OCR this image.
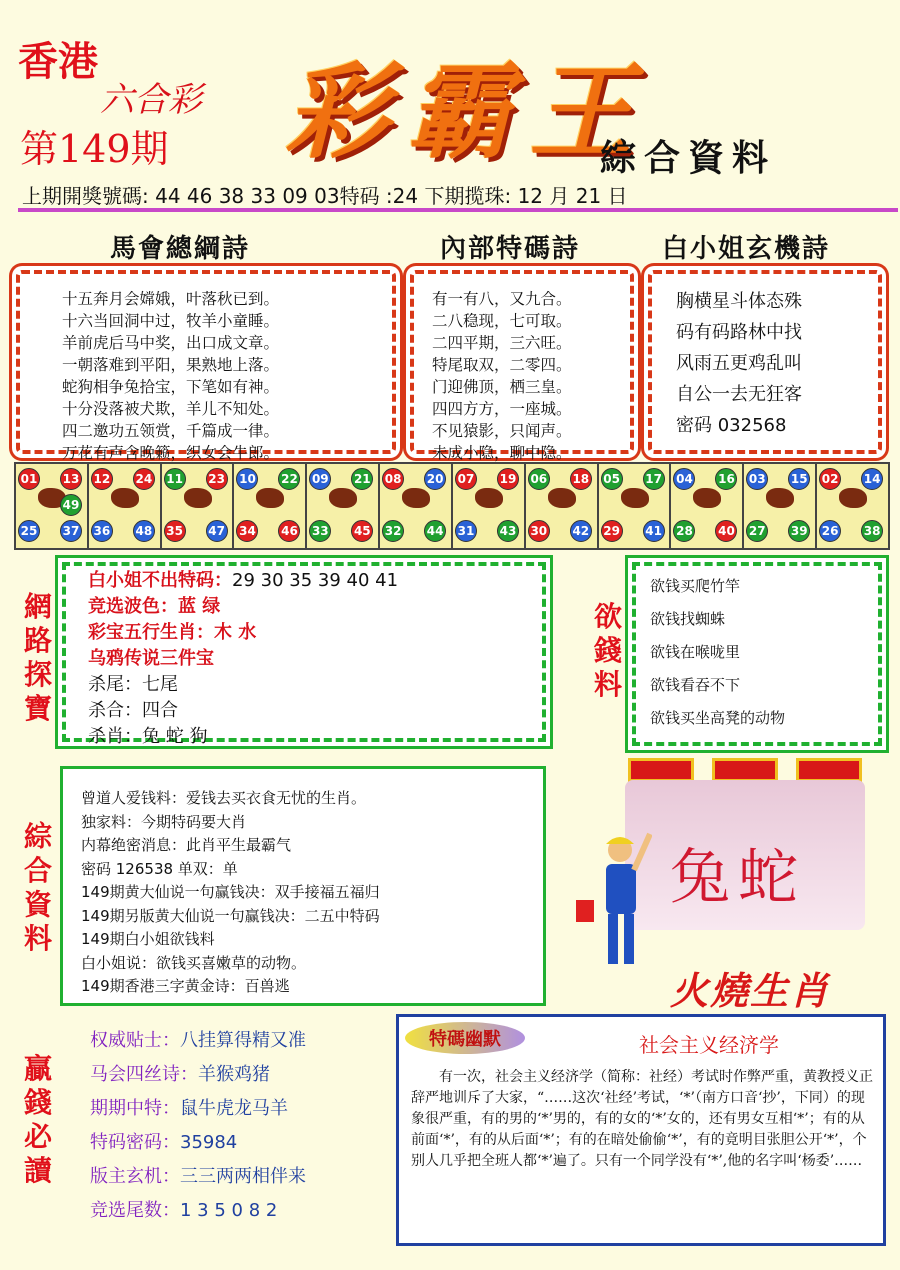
香港
六合彩
第149期 彩霸王
綜合資料
上期開獎號碼: 44 46 38 33 09 03特码 :24 下期揽珠: 12 月 21 日
馬會總綱詩	內部特碼詩	白小姐玄機詩
十五奔月会嫦娥，叶落秋已到。
十六当回洞中过，牧羊小童睡。
羊前虎后马中奖，出口成文章。
一朝落难到平阳，果熟地上落。
蛇狗相争兔拾宝，下笔如有神。
十分没落被犬欺，羊儿不知处。
四二邀功五领赏，千篇成一律。
万花有声含晚籁，织女会牛郎。
有一有八，又九合。
二八稳现，七可取。
二四平期，三六旺。
特尾取双，二零四。
门迎佛顶，栖三皇。
四四方方，一座城。
不见猿影，只闻声。
未成小隐，聊中隐。
胸横星斗体态殊
码有码路林中找
风雨五更鸡乱叫
自公一去无狂客
密码 032568
01 13
49
25 37
12 24
36 48
11 23
35 47
10 22
34 46
09 21
33 45
08 20
32 44
07 19
31 43
06 18
30 42
05 17
29 41
04 16
28 40
03 15
27 39
02 14
26 38
網
路
探
寶
白小姐不出特码：29 30 35 39 40 41
竞选波色：蓝 绿
彩宝五行生肖：木 水
乌鸦传说三件宝
杀尾：七尾
杀合：四合
杀肖：兔 蛇 狗
欲
錢
料
欲钱买爬竹竿
欲钱找蜘蛛
欲钱在喉咙里
欲钱看吞不下
欲钱买坐高凳的动物
綜
合
資
料
曾道人爱钱料：爱钱去买衣食无忧的生肖。
独家料：今期特码要大肖
内幕绝密消息：此肖平生最霸气
密码 126538 单双：单
149期黄大仙说一句赢钱决：双手接福五福归
149期另版黄大仙说一句赢钱决：二五中特码
149期白小姐欲钱料
白小姐说：欲钱买喜嫩草的动物。
149期香港三字黄金诗：百兽逃
兔蛇
火燒生肖
贏
錢
必
讀
权威贴士：八挂算得精又准
马会四丝诗：羊猴鸡猪
期期中特：鼠牛虎龙马羊
特码密码：35984
版主玄机：三三两两相伴来
竞选尾数：1 3 5 0 8 2
社会主义经济学
有一次，社会主义经济学（简称：社经）考试时作弊严重，黄教授义正辞严地训斥了大家，“……这次‘社经’考试，‘*’（南方口音‘抄’，下同）的现象很严重，有的男的‘*’男的，有的女的‘*’女的，还有男女互相‘*’；有的从前面‘*’，有的从后面‘*’；有的在暗处偷偷‘*’，有的竟明目张胆公开‘*’，个别人几乎把全班人都‘*’遍了。只有一个同学没有‘*’,他的名字叫‘杨委’……
特碼幽默
